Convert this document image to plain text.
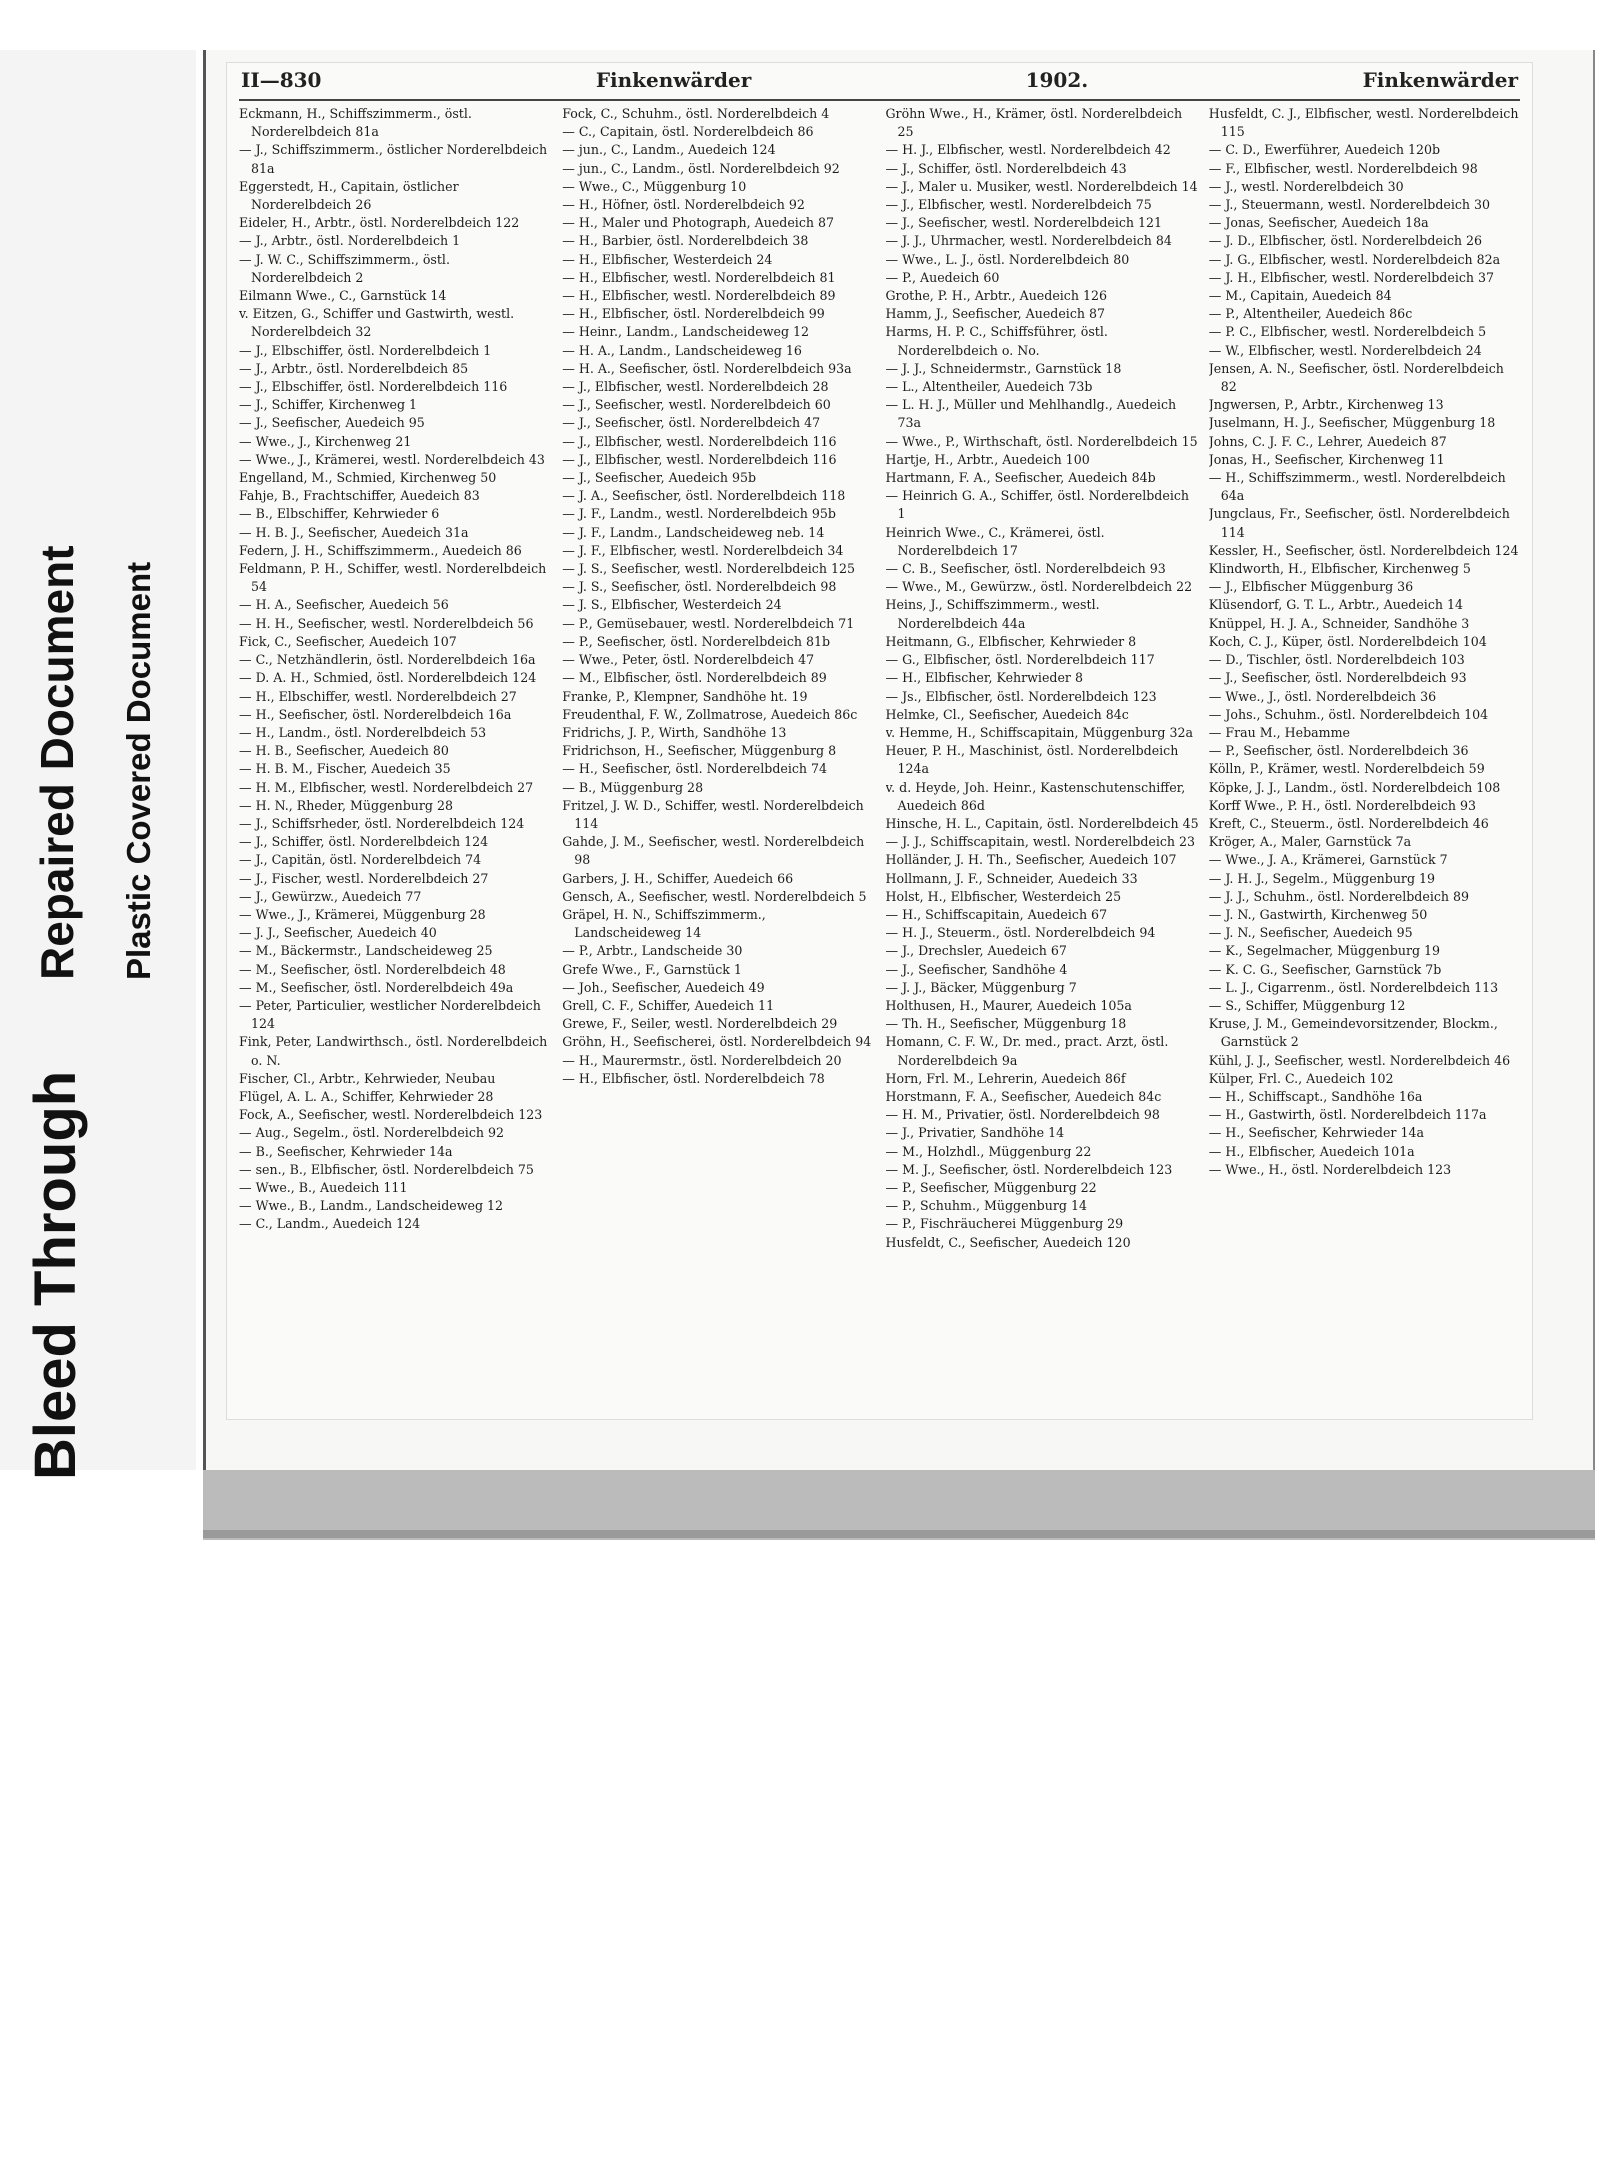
Bleed Through
Repaired Document Plastic Covered Document
II—830	Finkenwärder	1902.	Finkenwärder

Eckmann, H., Schiffszimmerm., östl. Norderelbdeich 81a

— J., Schiffszimmerm., östlicher Norderelbdeich 81a

Eggerstedt, H., Capitain, östlicher Norderelbdeich 26

Eideler, H., Arbtr., östl. Norderelbdeich 122

— J., Arbtr., östl. Norderelbdeich 1

— J. W. C., Schiffszimmerm., östl. Norderelbdeich 2

Eilmann Wwe., C., Garnstück 14

v. Eitzen, G., Schiffer und Gastwirth, westl. Norderelbdeich 32

— J., Elbschiffer, östl. Norderelbdeich 1

— J., Arbtr., östl. Norderelbdeich 85

— J., Elbschiffer, östl. Norderelbdeich 116

— J., Schiffer, Kirchenweg 1

— J., Seefischer, Auedeich 95

— Wwe., J., Kirchenweg 21

— Wwe., J., Krämerei, westl. Norderelbdeich 43

Engelland, M., Schmied, Kirchenweg 50

Fahje, B., Frachtschiffer, Auedeich 83

— B., Elbschiffer, Kehrwieder 6

— H. B. J., Seefischer, Auedeich 31a

Federn, J. H., Schiffszimmerm., Auedeich 86

Feldmann, P. H., Schiffer, westl. Norderelbdeich 54

— H. A., Seefischer, Auedeich 56

— H. H., Seefischer, westl. Norderelbdeich 56

Fick, C., Seefischer, Auedeich 107

— C., Netzhändlerin, östl. Norderelbdeich 16a

— D. A. H., Schmied, östl. Norderelbdeich 124

— H., Elbschiffer, westl. Norderelbdeich 27

— H., Seefischer, östl. Norderelbdeich 16a

— H., Landm., östl. Norderelbdeich 53

— H. B., Seefischer, Auedeich 80

— H. B. M., Fischer, Auedeich 35

— H. M., Elbfischer, westl. Norderelbdeich 27

— H. N., Rheder, Müggenburg 28

— J., Schiffsrheder, östl. Norderelbdeich 124

— J., Schiffer, östl. Norderelbdeich 124

— J., Capitän, östl. Norderelbdeich 74

— J., Fischer, westl. Norderelbdeich 27

— J., Gewürzw., Auedeich 77

— Wwe., J., Krämerei, Müggenburg 28

— J. J., Seefischer, Auedeich 40

— M., Bäckermstr., Landscheideweg 25

— M., Seefischer, östl. Norderelbdeich 48

— M., Seefischer, östl. Norderelbdeich 49a

— Peter, Particulier, westlicher Norderelbdeich 124

Fink, Peter, Landwirthsch., östl. Norderelbdeich o. N.

Fischer, Cl., Arbtr., Kehrwieder, Neubau

Flügel, A. L. A., Schiffer, Kehrwieder 28

Fock, A., Seefischer, westl. Norderelbdeich 123

— Aug., Segelm., östl. Norderelbdeich 92

— B., Seefischer, Kehrwieder 14a

— sen., B., Elbfischer, östl. Norderelbdeich 75

— Wwe., B., Auedeich 111

— Wwe., B., Landm., Landscheideweg 12

— C., Landm., Auedeich 124

Fock, C., Schuhm., östl. Norderelbdeich 4

— C., Capitain, östl. Norderelbdeich 86

— jun., C., Landm., Auedeich 124

— jun., C., Landm., östl. Norderelbdeich 92

— Wwe., C., Müggenburg 10

— H., Höfner, östl. Norderelbdeich 92

— H., Maler und Photograph, Auedeich 87

— H., Barbier, östl. Norderelbdeich 38

— H., Elbfischer, Westerdeich 24

— H., Elbfischer, westl. Norderelbdeich 81

— H., Elbfischer, westl. Norderelbdeich 89

— H., Elbfischer, östl. Norderelbdeich 99

— Heinr., Landm., Landscheideweg 12

— H. A., Landm., Landscheideweg 16

— H. A., Seefischer, östl. Norderelbdeich 93a

— J., Elbfischer, westl. Norderelbdeich 28

— J., Seefischer, westl. Norderelbdeich 60

— J., Seefischer, östl. Norderelbdeich 47

— J., Elbfischer, westl. Norderelbdeich 116

— J., Elbfischer, westl. Norderelbdeich 116

— J., Seefischer, Auedeich 95b

— J. A., Seefischer, östl. Norderelbdeich 118

— J. F., Landm., westl. Norderelbdeich 95b

— J. F., Landm., Landscheideweg neb. 14

— J. F., Elbfischer, westl. Norderelbdeich 34

— J. S., Seefischer, westl. Norderelbdeich 125

— J. S., Seefischer, östl. Norderelbdeich 98

— J. S., Elbfischer, Westerdeich 24

— P., Gemüsebauer, westl. Norderelbdeich 71

— P., Seefischer, östl. Norderelbdeich 81b

— Wwe., Peter, östl. Norderelbdeich 47

— M., Elbfischer, östl. Norderelbdeich 89

Franke, P., Klempner, Sandhöhe ht. 19

Freudenthal, F. W., Zollmatrose, Auedeich 86c

Fridrichs, J. P., Wirth, Sandhöhe 13

Fridrichson, H., Seefischer, Müggenburg 8

— H., Seefischer, östl. Norderelbdeich 74

— B., Müggenburg 28

Fritzel, J. W. D., Schiffer, westl. Norderelbdeich 114

Gahde, J. M., Seefischer, westl. Norderelbdeich 98

Garbers, J. H., Schiffer, Auedeich 66

Gensch, A., Seefischer, westl. Norderelbdeich 5

Gräpel, H. N., Schiffszimmerm., Landscheideweg 14

— P., Arbtr., Landscheide 30

Grefe Wwe., F., Garnstück 1

— Joh., Seefischer, Auedeich 49

Grell, C. F., Schiffer, Auedeich 11

Grewe, F., Seiler, westl. Norderelbdeich 29

Gröhn, H., Seefischerei, östl. Norderelbdeich 94

— H., Maurermstr., östl. Norderelbdeich 20

— H., Elbfischer, östl. Norderelbdeich 78

Gröhn Wwe., H., Krämer, östl. Norderelbdeich 25

— H. J., Elbfischer, westl. Norderelbdeich 42

— J., Schiffer, östl. Norderelbdeich 43

— J., Maler u. Musiker, westl. Norderelbdeich 14

— J., Elbfischer, westl. Norderelbdeich 75

— J., Seefischer, westl. Norderelbdeich 121

— J. J., Uhrmacher, westl. Norderelbdeich 84

— Wwe., L. J., östl. Norderelbdeich 80

— P., Auedeich 60

Grothe, P. H., Arbtr., Auedeich 126

Hamm, J., Seefischer, Auedeich 87

Harms, H. P. C., Schiffsführer, östl. Norderelbdeich o. No.

— J. J., Schneidermstr., Garnstück 18

— L., Altentheiler, Auedeich 73b

— L. H. J., Müller und Mehlhandlg., Auedeich 73a

— Wwe., P., Wirthschaft, östl. Norderelbdeich 15

Hartje, H., Arbtr., Auedeich 100

Hartmann, F. A., Seefischer, Auedeich 84b

— Heinrich G. A., Schiffer, östl. Norderelbdeich 1

Heinrich Wwe., C., Krämerei, östl. Norderelbdeich 17

— C. B., Seefischer, östl. Norderelbdeich 93

— Wwe., M., Gewürzw., östl. Norderelbdeich 22

Heins, J., Schiffszimmerm., westl. Norderelbdeich 44a

Heitmann, G., Elbfischer, Kehrwieder 8

— G., Elbfischer, östl. Norderelbdeich 117

— H., Elbfischer, Kehrwieder 8

— Js., Elbfischer, östl. Norderelbdeich 123

Helmke, Cl., Seefischer, Auedeich 84c

v. Hemme, H., Schiffscapitain, Müggenburg 32a

Heuer, P. H., Maschinist, östl. Norderelbdeich 124a

v. d. Heyde, Joh. Heinr., Kastenschutenschiffer, Auedeich 86d

Hinsche, H. L., Capitain, östl. Norderelbdeich 45

— J. J., Schiffscapitain, westl. Norderelbdeich 23

Holländer, J. H. Th., Seefischer, Auedeich 107

Hollmann, J. F., Schneider, Auedeich 33

Holst, H., Elbfischer, Westerdeich 25

— H., Schiffscapitain, Auedeich 67

— H. J., Steuerm., östl. Norderelbdeich 94

— J., Drechsler, Auedeich 67

— J., Seefischer, Sandhöhe 4

— J. J., Bäcker, Müggenburg 7

Holthusen, H., Maurer, Auedeich 105a

— Th. H., Seefischer, Müggenburg 18

Homann, C. F. W., Dr. med., pract. Arzt, östl. Norderelbdeich 9a

Horn, Frl. M., Lehrerin, Auedeich 86f

Horstmann, F. A., Seefischer, Auedeich 84c

— H. M., Privatier, östl. Norderelbdeich 98

— J., Privatier, Sandhöhe 14

— M., Holzhdl., Müggenburg 22

— M. J., Seefischer, östl. Norderelbdeich 123

— P., Seefischer, Müggenburg 22

— P., Schuhm., Müggenburg 14

— P., Fischräucherei Müggenburg 29

Husfeldt, C., Seefischer, Auedeich 120

Husfeldt, C. J., Elbfischer, westl. Norderelbdeich 115

— C. D., Ewerführer, Auedeich 120b

— F., Elbfischer, westl. Norderelbdeich 98

— J., westl. Norderelbdeich 30

— J., Steuermann, westl. Norderelbdeich 30

— Jonas, Seefischer, Auedeich 18a

— J. D., Elbfischer, östl. Norderelbdeich 26

— J. G., Elbfischer, westl. Norderelbdeich 82a

— J. H., Elbfischer, westl. Norderelbdeich 37

— M., Capitain, Auedeich 84

— P., Altentheiler, Auedeich 86c

— P. C., Elbfischer, westl. Norderelbdeich 5

— W., Elbfischer, westl. Norderelbdeich 24

Jensen, A. N., Seefischer, östl. Norderelbdeich 82

Jngwersen, P., Arbtr., Kirchenweg 13

Juselmann, H. J., Seefischer, Müggenburg 18

Johns, C. J. F. C., Lehrer, Auedeich 87

Jonas, H., Seefischer, Kirchenweg 11

— H., Schiffszimmerm., westl. Norderelbdeich 64a

Jungclaus, Fr., Seefischer, östl. Norderelbdeich 114

Kessler, H., Seefischer, östl. Norderelbdeich 124

Klindworth, H., Elbfischer, Kirchenweg 5

— J., Elbfischer Müggenburg 36

Klüsendorf, G. T. L., Arbtr., Auedeich 14

Knüppel, H. J. A., Schneider, Sandhöhe 3

Koch, C. J., Küper, östl. Norderelbdeich 104

— D., Tischler, östl. Norderelbdeich 103

— J., Seefischer, östl. Norderelbdeich 93

— Wwe., J., östl. Norderelbdeich 36

— Johs., Schuhm., östl. Norderelbdeich 104

— Frau M., Hebamme

— P., Seefischer, östl. Norderelbdeich 36

Kölln, P., Krämer, westl. Norderelbdeich 59

Köpke, J. J., Landm., östl. Norderelbdeich 108

Korff Wwe., P. H., östl. Norderelbdeich 93

Kreft, C., Steuerm., östl. Norderelbdeich 46

Kröger, A., Maler, Garnstück 7a

— Wwe., J. A., Krämerei, Garnstück 7

— J. H. J., Segelm., Müggenburg 19

— J. J., Schuhm., östl. Norderelbdeich 89

— J. N., Gastwirth, Kirchenweg 50

— J. N., Seefischer, Auedeich 95

— K., Segelmacher, Müggenburg 19

— K. C. G., Seefischer, Garnstück 7b

— L. J., Cigarrenm., östl. Norderelbdeich 113

— S., Schiffer, Müggenburg 12

Kruse, J. M., Gemeindevorsitzender, Blockm., Garnstück 2

Kühl, J. J., Seefischer, westl. Norderelbdeich 46

Külper, Frl. C., Auedeich 102

— H., Schiffscapt., Sandhöhe 16a

— H., Gastwirth, östl. Norderelbdeich 117a

— H., Seefischer, Kehrwieder 14a

— H., Elbfischer, Auedeich 101a

— Wwe., H., östl. Norderelbdeich 123
